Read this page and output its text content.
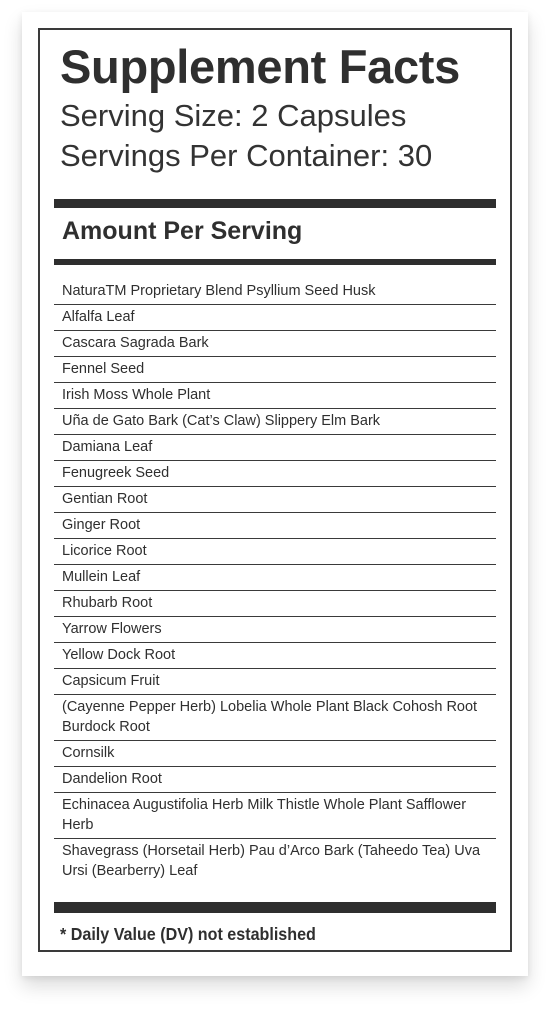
Supplement Facts
Serving Size: 2 Capsules
Servings Per Container: 30
Amount Per Serving
NaturaTM Proprietary Blend Psyllium Seed Husk
Alfalfa Leaf
Cascara Sagrada Bark
Fennel Seed
Irish Moss Whole Plant
Uña de Gato Bark (Cat’s Claw) Slippery Elm Bark
Damiana Leaf
Fenugreek Seed
Gentian Root
Ginger Root
Licorice Root
Mullein Leaf
Rhubarb Root
Yarrow Flowers
Yellow Dock Root
Capsicum Fruit
(Cayenne Pepper Herb) Lobelia Whole Plant Black Cohosh Root Burdock Root
Cornsilk
Dandelion Root
Echinacea Augustifolia Herb Milk Thistle Whole Plant Safflower Herb
Shavegrass (Horsetail Herb) Pau d’Arco Bark (Taheedo Tea) Uva Ursi (Bearberry) Leaf
* Daily Value (DV) not established
